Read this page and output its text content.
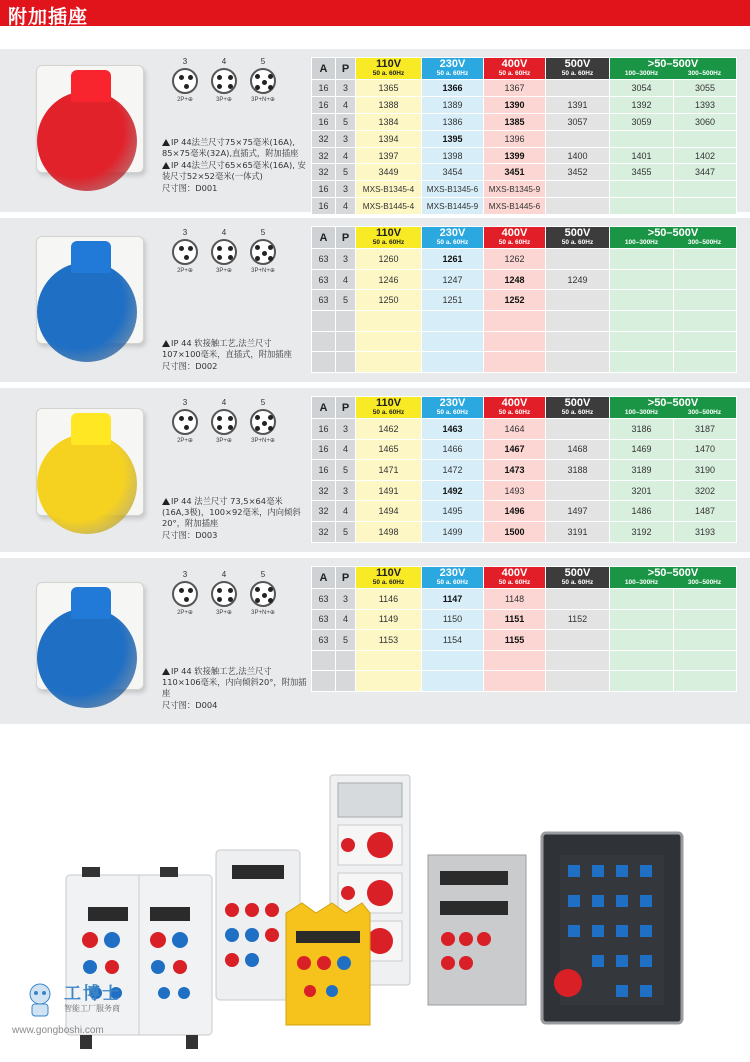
附加插座
3
2P+⊕
4
3P+⊕
5
3P+N+⊕

IP 44法兰尺寸75×75毫米(16A), 85×75毫米(32A),直插式，附加插座

IP 44法兰尺寸65×65毫米(16A), 安装尺寸52×52毫米(一体式)

尺寸图：D001

A	P	110V
50 a. 60Hz	230V
50 a. 60Hz	400V
50 a. 60Hz	500V
50 a. 60Hz	>50–500V
100–300Hz 300–500Hz	

16	3	1365	1366	1367		3054	3055
16	4	1388	1389	1390	1391	1392	1393
16	5	1384	1386	1385	3057	3059	3060
32	3	1394	1395	1396			
32	4	1397	1398	1399	1400	1401	1402
32	5	3449	3454	3451	3452	3455	3447
16	3	MXS-B1345-4	MXS-B1345-6	MXS-B1345-9			
16	4	MXS-B1445-4	MXS-B1445-9	MXS-B1445-6			
3
2P+⊕
4
3P+⊕
5
3P+N+⊕

IP 44 软接触工艺,法兰尺寸107×100毫米，直插式，附加插座

尺寸图：D002

A	P	110V
50 a. 60Hz	230V
50 a. 60Hz	400V
50 a. 60Hz	500V
50 a. 60Hz	>50–500V
100–300Hz 300–500Hz	

63	3	1260	1261	1262			
63	4	1246	1247	1248	1249		
63	5	1250	1251	1252			

3
2P+⊕
4
3P+⊕
5
3P+N+⊕

IP 44 法兰尺寸 73,5×64毫米 (16A,3极)，100×92毫米，内向倾斜20°，附加插座

尺寸图：D003

A	P	110V
50 a. 60Hz	230V
50 a. 60Hz	400V
50 a. 60Hz	500V
50 a. 60Hz	>50–500V
100–300Hz 300–500Hz	

16	3	1462	1463	1464		3186	3187
16	4	1465	1466	1467	1468	1469	1470
16	5	1471	1472	1473	3188	3189	3190
32	3	1491	1492	1493		3201	3202
32	4	1494	1495	1496	1497	1486	1487
32	5	1498	1499	1500	3191	3192	3193
3
2P+⊕
4
3P+⊕
5
3P+N+⊕

IP 44 软接触工艺,法兰尺寸110×106毫米，内向倾斜20°，附加插座

尺寸图：D004

A	P	110V
50 a. 60Hz	230V
50 a. 60Hz	400V
50 a. 60Hz	500V
50 a. 60Hz	>50–500V
100–300Hz 300–500Hz	

63	3	1146	1147	1148			
63	4	1149	1150	1151	1152		
63	5	1153	1154	1155			

工博士
智能工厂服务商
www.gongboshi.com
